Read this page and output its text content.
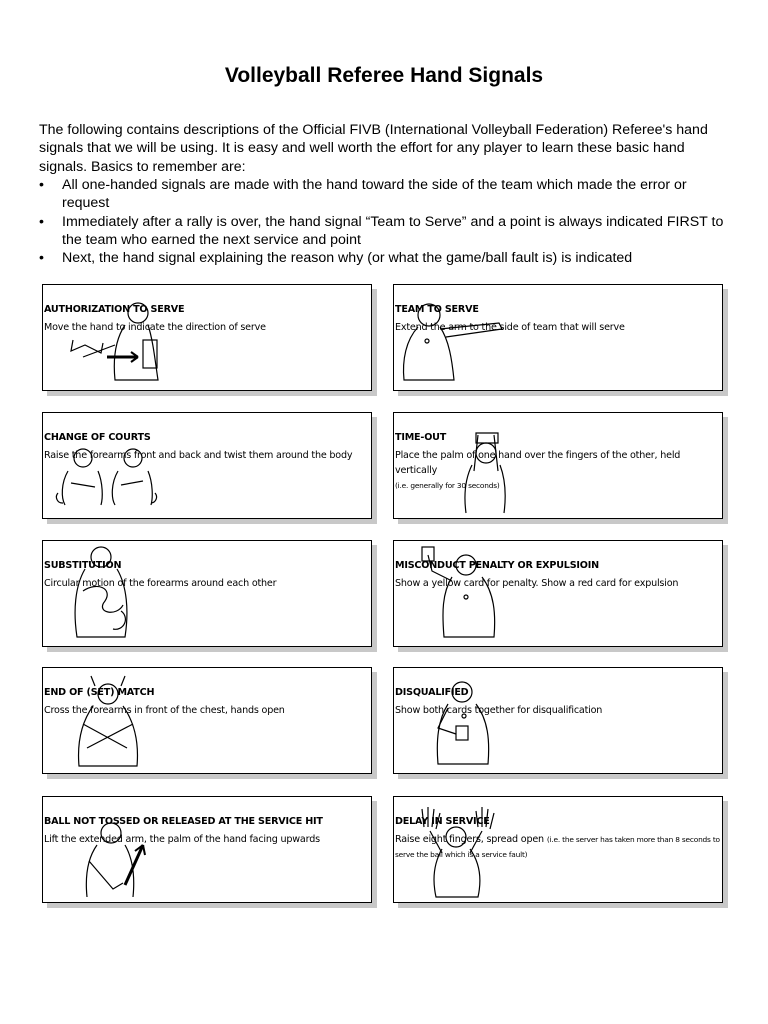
Volleyball Referee Hand Signals

The following contains descriptions of the Official FIVB (International Volleyball Federation) Referee's hand signals that we will be using. It is easy and well worth the effort for any player to learn these basic hand signals. Basics to remember are:

• All one-handed signals are made with the hand toward the side of the team which made the error or request
• Immediately after a rally is over, the hand signal “Team to Serve” and a point is always indicated FIRST to the team who earned the next service and point
• Next, the hand signal explaining the reason why (or what the game/ball fault is) is indicated
AUTHORIZATION TO SERVE
Move the hand to indicate the direction of serve
TEAM TO SERVE
Extend the arm to the side of team that will serve
CHANGE OF COURTS
Raise the forearms front and back and twist them around the body
TIME-OUT
Place the palm of one hand over the fingers of the other, held vertically
(i.e. generally for 30 seconds)
SUBSTITUTION
Circular motion of the forearms around each other
MISCONDUCT PENALTY OR EXPULSIOIN
Show a yellow card for penalty. Show a red card for expulsion
END OF (SET) MATCH
Cross the forearms in front of the chest, hands open
DISQUALIFIED
Show both cards together for disqualification
BALL NOT TOSSED OR RELEASED AT THE SERVICE HIT
Lift the extended arm, the palm of the hand facing upwards
DELAY IN SERVICE
Raise eight fingers, spread open (i.e. the server has taken more than 8 seconds to serve the ball which is a service fault)
